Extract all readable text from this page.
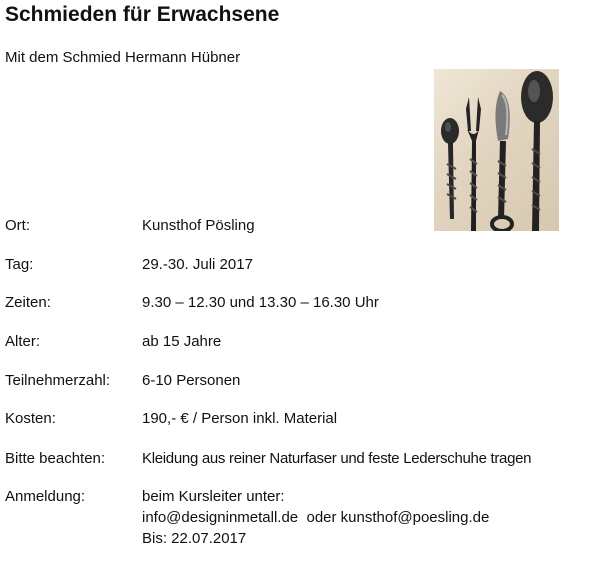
Schmieden für Erwachsene
Mit dem Schmied Hermann Hübner
Ort:	Kunsthof Pösling
Tag:	29.-30. Juli 2017
Zeiten:	9.30 – 12.30 und 13.30 – 16.30 Uhr
Alter:	ab 15 Jahre
Teilnehmerzahl: 6-10 Personen
Kosten:	190,- € / Person inkl. Material
Bitte beachten: Kleidung aus reiner Naturfaser und feste Lederschuhe tragen
Anmeldung:	beim Kursleiter unter:
info@designinmetall.de  oder kunsthof@poesling.de
Bis: 22.07.2017
